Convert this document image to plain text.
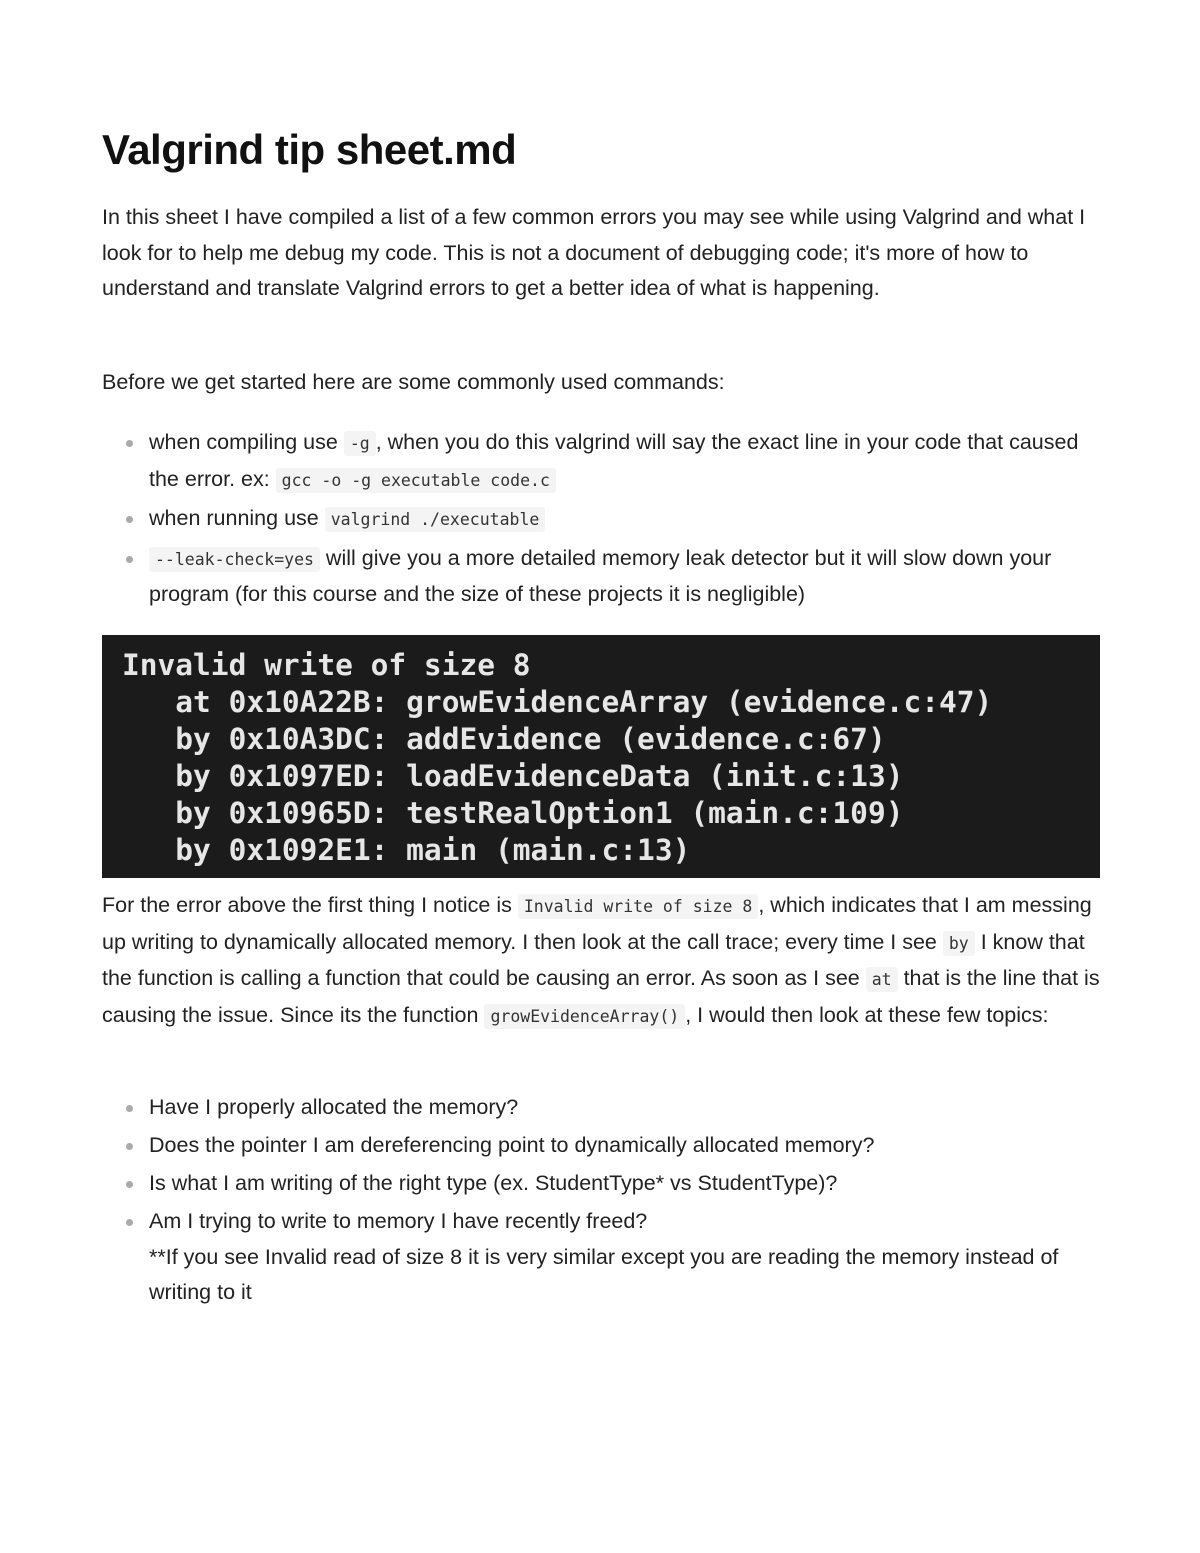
Valgrind tip sheet.md

In this sheet I have compiled a list of a few common errors you may see while using Valgrind and what I look for to help me debug my code. This is not a document of debugging code; it's more of how to understand and translate Valgrind errors to get a better idea of what is happening.

Before we get started here are some commonly used commands:

when compiling use -g , when you do this valgrind will say the exact line in your code that caused the error. ex: gcc -o -g executable code.c
when running use valgrind ./executable
--leak-check=yes will give you a more detailed memory leak detector but it will slow down your program (for this course and the size of these projects it is negligible)
Invalid write of size 8
at 0x10A22B: growEvidenceArray (evidence.c:47)
by 0x10A3DC: addEvidence (evidence.c:67)
by 0x1097ED: loadEvidenceData (init.c:13)
by 0x10965D: testRealOption1 (main.c:109)
by 0x1092E1: main (main.c:13)

For the error above the first thing I notice is Invalid write of size 8 , which indicates that I am messing up writing to dynamically allocated memory. I then look at the call trace; every time I see by I know that the function is calling a function that could be causing an error. As soon as I see at that is the line that is causing the issue. Since its the function growEvidenceArray() , I would then look at these few topics:

Have I properly allocated the memory?
Does the pointer I am dereferencing point to dynamically allocated memory?
Is what I am writing of the right type (ex. StudentType* vs StudentType)?
Am I trying to write to memory I have recently freed?
**If you see Invalid read of size 8 it is very similar except you are reading the memory instead of writing to it
